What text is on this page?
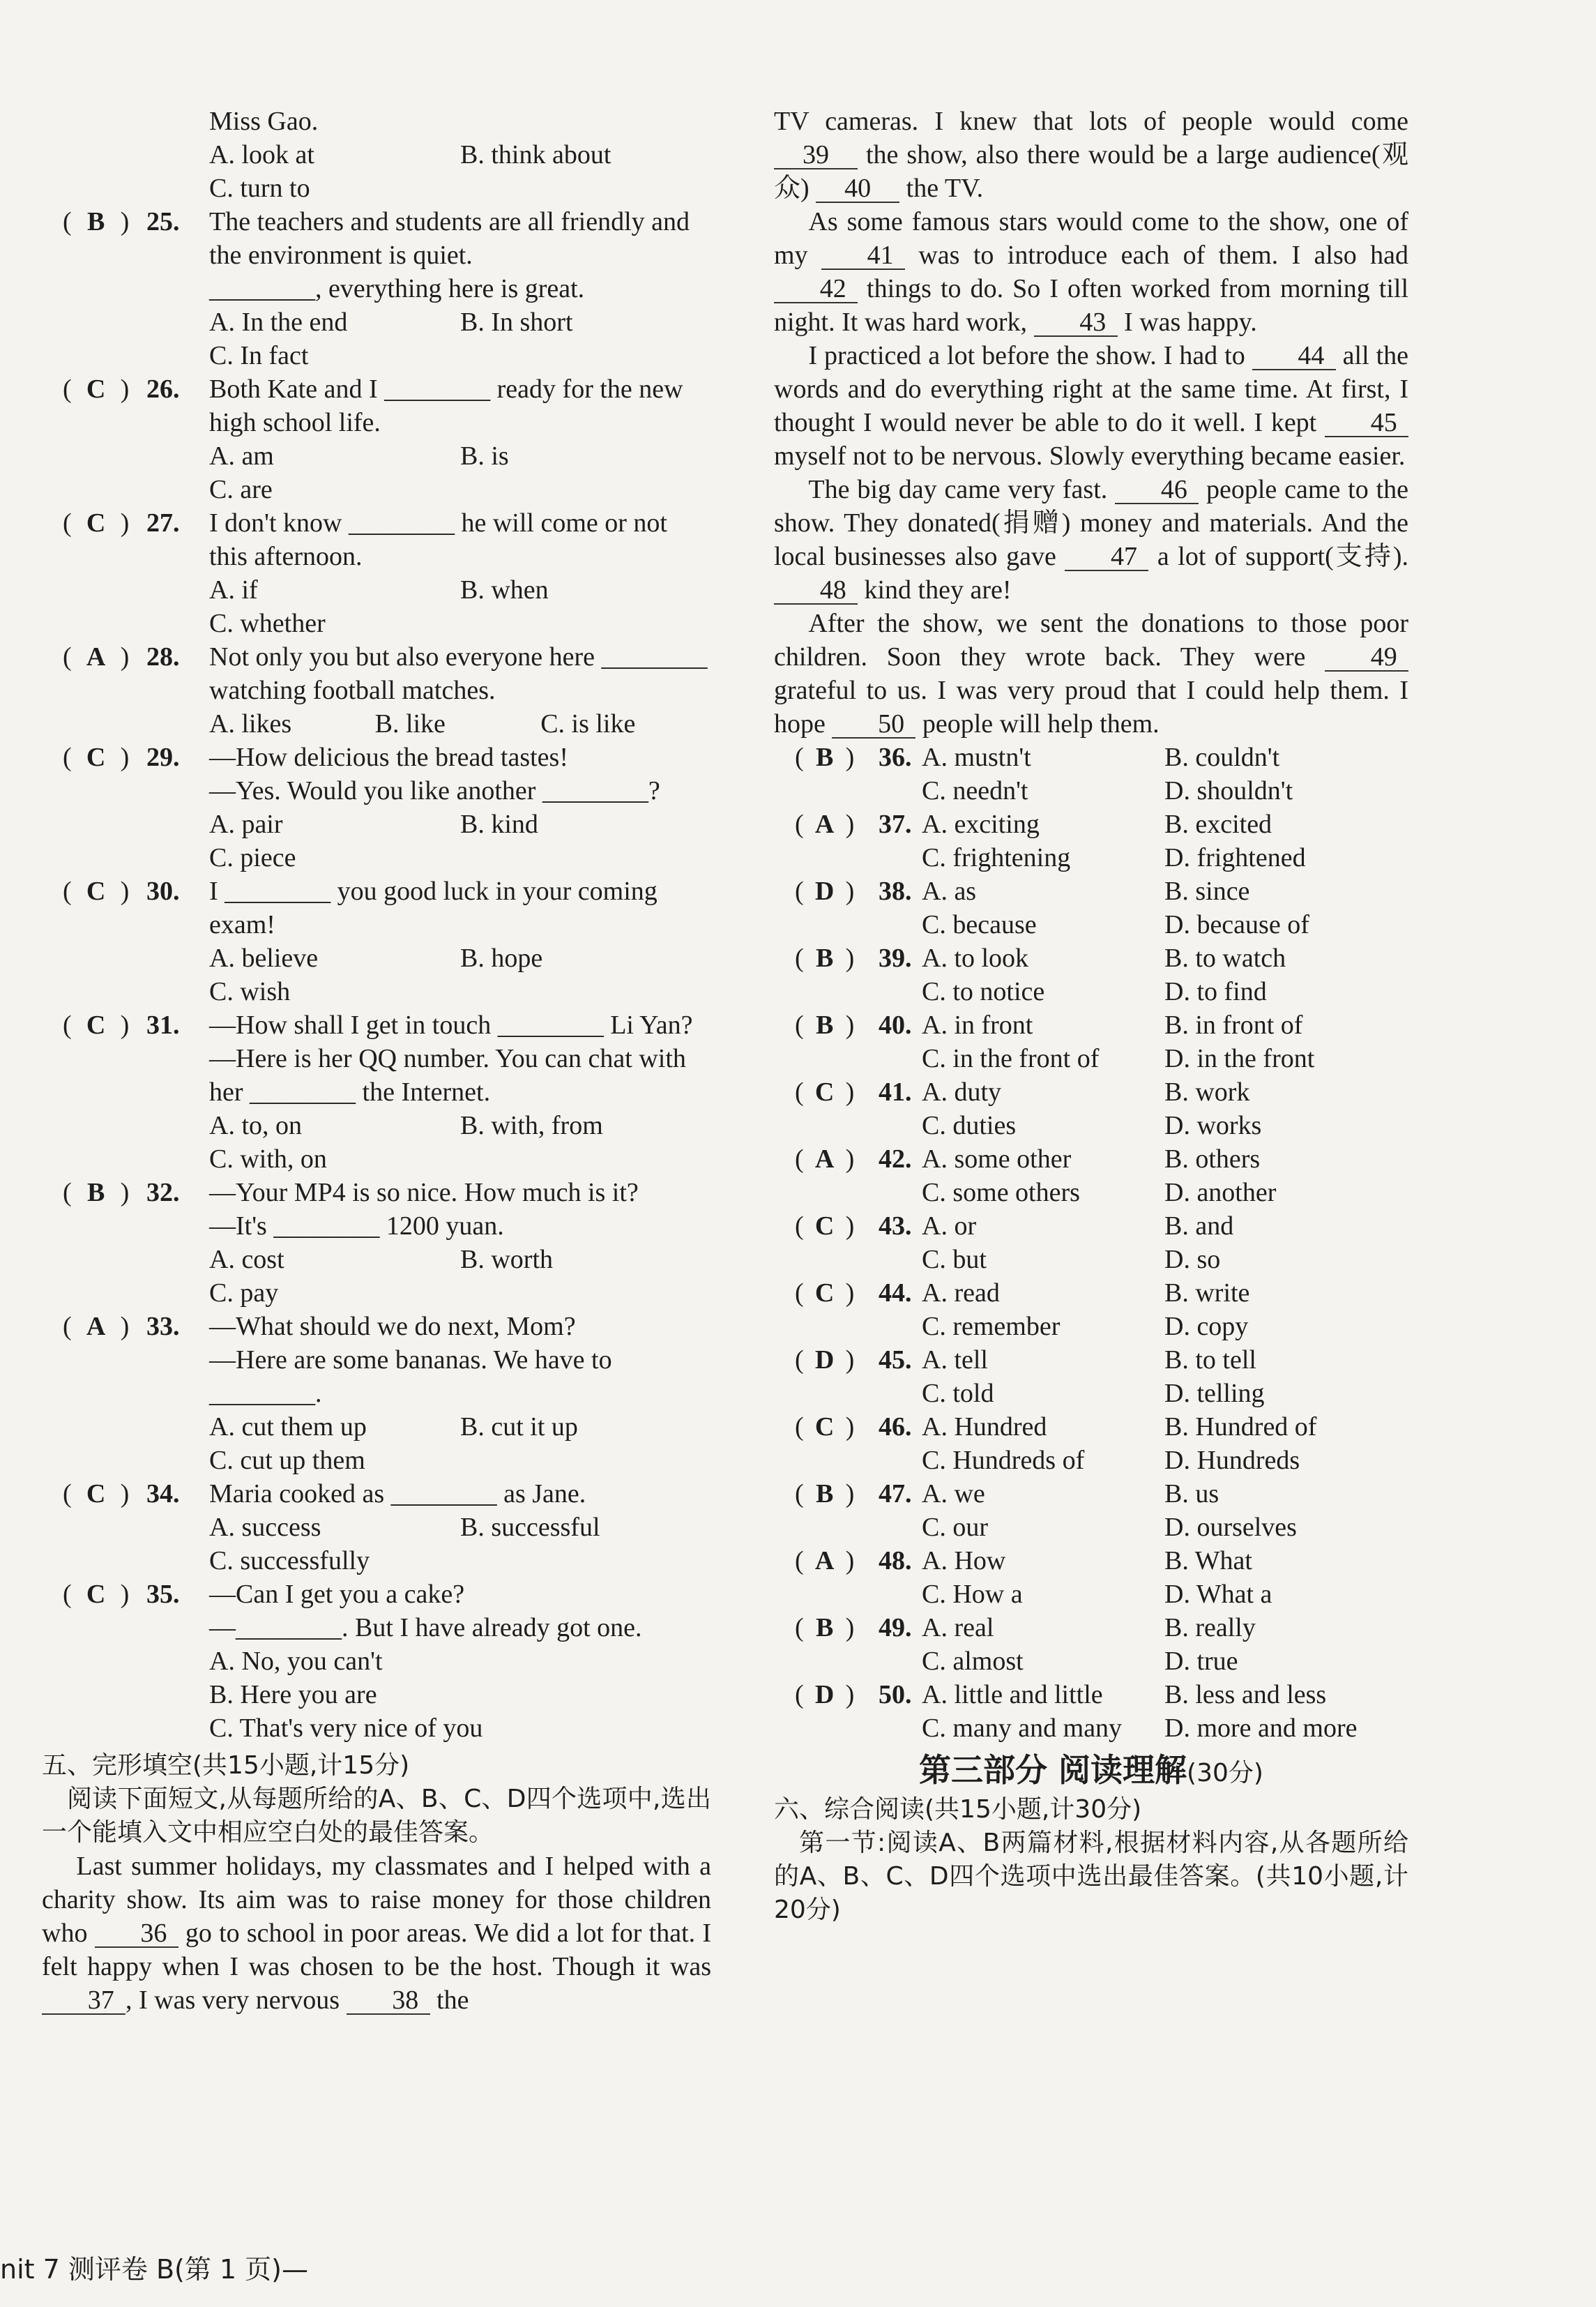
Miss Gao.
A. look at	B. think about
C. turn to
( B ) 25. The teachers and students are all friendly and the environment is quiet.
________, everything here is great.
A. In the end	B. In short
C. In fact
( C ) 26. Both Kate and I ________ ready for the new high school life.
A. am	B. is
C. are
( C ) 27. I don't know ________ he will come or not this afternoon.
A. if	B. when
C. whether
( A ) 28. Not only you but also everyone here ________ watching football matches.
A. likes	B. like	C. is like
( C ) 29. —How delicious the bread tastes!
—Yes. Would you like another ________?
A. pair	B. kind
C. piece
( C ) 30. I ________ you good luck in your coming exam!
A. believe	B. hope
C. wish
( C ) 31. —How shall I get in touch ________ Li Yan?
—Here is her QQ number. You can chat with her ________ the Internet.
A. to, on	B. with, from
C. with, on
( B ) 32. —Your MP4 is so nice. How much is it?
—It's ________ 1200 yuan.
A. cost	B. worth
C. pay
( A ) 33. —What should we do next, Mom?
—Here are some bananas. We have to ________.
A. cut them up	B. cut it up
C. cut up them
( C ) 34. Maria cooked as ________ as Jane.
A. success	B. successful
C. successfully
( C ) 35. —Can I get you a cake?
—________. But I have already got one.
A. No, you can't
B. Here you are
C. That's very nice of you

五、完形填空(共15小题,计15分)

阅读下面短文,从每题所给的A、B、C、D四个选项中,选出一个能填入文中相应空白处的最佳答案。

Last summer holidays, my classmates and I helped with a charity show. Its aim was to raise money for those children who 36 go to school in poor areas. We did a lot for that. I felt happy when I was chosen to be the host. Though it was 37 , I was very nervous 38 the

TV cameras. I knew that lots of people would come 39 the show, also there would be a large audience(观众) 40 the TV.

As some famous stars would come to the show, one of my 41 was to introduce each of them. I also had 42 things to do. So I often worked from morning till night. It was hard work, 43 I was happy.

I practiced a lot before the show. I had to 44 all the words and do everything right at the same time. At first, I thought I would never be able to do it well. I kept 45 myself not to be nervous. Slowly everything became easier.

The big day came very fast. 46 people came to the show. They donated(捐赠) money and materials. And the local businesses also gave 47 a lot of support(支持). 48 kind they are!

After the show, we sent the donations to those poor children. Soon they wrote back. They were 49 grateful to us. I was very proud that I could help them. I hope 50 people will help them.

( B ) 36. A. mustn't	B. couldn't
C. needn't	D. shouldn't
( A ) 37. A. exciting	B. excited
C. frightening	D. frightened
( D ) 38. A. as	B. since
C. because	D. because of
( B ) 39. A. to look	B. to watch
C. to notice	D. to find
( B ) 40. A. in front	B. in front of
C. in the front of D. in the front
( C ) 41. A. duty	B. work
C. duties	D. works
( A ) 42. A. some other	B. others
C. some others	D. another
( C ) 43. A. or	B. and
C. but	D. so
( C ) 44. A. read	B. write
C. remember	D. copy
( D ) 45. A. tell	B. to tell
C. told	D. telling
( C ) 46. A. Hundred	B. Hundred of
C. Hundreds of	D. Hundreds
( B ) 47. A. we	B. us
C. our	D. ourselves
( A ) 48. A. How	B. What
C. How a	D. What a
( B ) 49. A. real	B. really
C. almost	D. true
( D ) 50. A. little and little B. less and less
C. many and many D. more and more
第三部分 阅读理解(30分)

六、综合阅读(共15小题,计30分)

第一节:阅读A、B两篇材料,根据材料内容,从各题所给的A、B、C、D四个选项中选出最佳答案。(共10小题,计20分)

nit 7 测评卷 B(第 1 页)—
